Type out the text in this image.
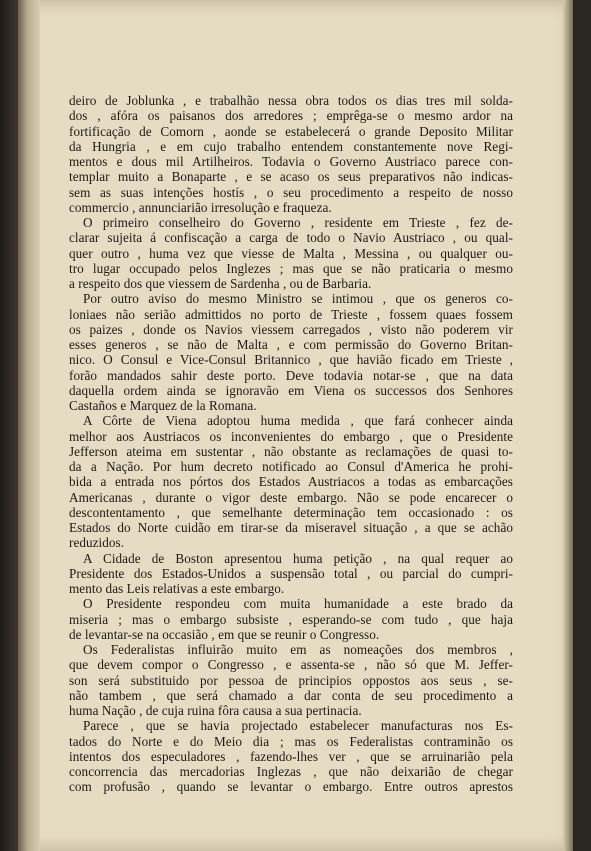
deiro de Joblunka , e trabalhão nessa obra todos os dias tres mil solda-
dos , afóra os paisanos dos arredores ; emprêga-se o mesmo ardor na
fortificação de Comorn , aonde se estabelecerá o grande Deposito Militar
da Hungria , e em cujo trabalho entendem constantemente nove Regi-
mentos e dous mil Artilheiros. Todavia o Governo Austriaco parece con-
templar muito a Bonaparte , e se acaso os seus preparativos não indicas-
sem as suas intenções hostís , o seu procedimento a respeito de nosso
commercio , annunciarião irresolução e fraqueza.
O primeiro conselheiro do Governo , residente em Trieste , fez de-
clarar sujeita á confiscação a carga de todo o Navio Austriaco , ou qual-
quer outro , huma vez que viesse de Malta , Messina , ou qualquer ou-
tro lugar occupado pelos Inglezes ; mas que se não praticaria o mesmo
a respeito dos que viessem de Sardenha , ou de Barbaria.
Por outro aviso do mesmo Ministro se intimou , que os generos co-
loniaes não serião admittidos no porto de Trieste , fossem quaes fossem
os paizes , donde os Navios viessem carregados , visto não poderem vir
esses generos , se não de Malta , e com permissão do Governo Britan-
nico. O Consul e Vice-Consul Britannico , que havião ficado em Trieste ,
forão mandados sahir deste porto. Deve todavia notar-se , que na data
daquella ordem ainda se ignoravão em Viena os successos dos Senhores
Castaños e Marquez de la Romana.
A Côrte de Viena adoptou huma medida , que fará conhecer ainda
melhor aos Austriacos os inconvenientes do embargo , que o Presidente
Jefferson ateima em sustentar , não obstante as reclamações de quasi to-
da a Nação. Por hum decreto notificado ao Consul d'America he prohi-
bida a entrada nos pórtos dos Estados Austriacos a todas as embarcações
Americanas , durante o vigor deste embargo. Não se pode encarecer o
descontentamento , que semelhante determinação tem occasionado : os
Estados do Norte cuidão em tirar-se da miseravel situação , a que se achão
reduzidos.
A Cidade de Boston apresentou huma petição , na qual requer ao
Presidente dos Estados-Unidos a suspensão total , ou parcial do cumpri-
mento das Leis relativas a este embargo.
O Presidente respondeu com muita humanidade a este brado da
miseria ; mas o embargo subsiste , esperando-se com tudo , que haja
de levantar-se na occasião , em que se reunir o Congresso.
Os Federalistas influirão muito em as nomeações dos membros ,
que devem compor o Congresso , e assenta-se , não só que M. Jeffer-
son será substituido por pessoa de principios oppostos aos seus , se-
não tambem , que será chamado a dar conta de seu procedimento a
huma Nação , de cuja ruina fôra causa a sua pertinacia.
Parece , que se havia projectado estabelecer manufacturas nos Es-
tados do Norte e do Meio dia ; mas os Federalistas contraminão os
intentos dos especuladores , fazendo-lhes ver , que se arruinarião pela
concorrencia das mercadorias Inglezas , que não deixarião de chegar
com profusão , quando se levantar o embargo. Entre outros aprestos
